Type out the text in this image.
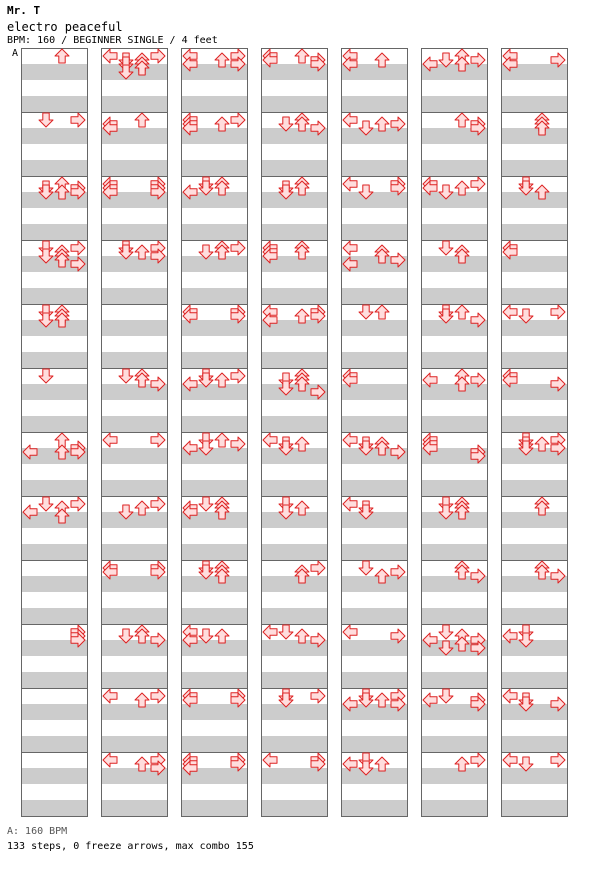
Mr. T
electro peaceful
BPM: 160 / BEGINNER SINGLE / 4 feet
A
A: 160 BPM
133 steps, 0 freeze arrows, max combo 155
